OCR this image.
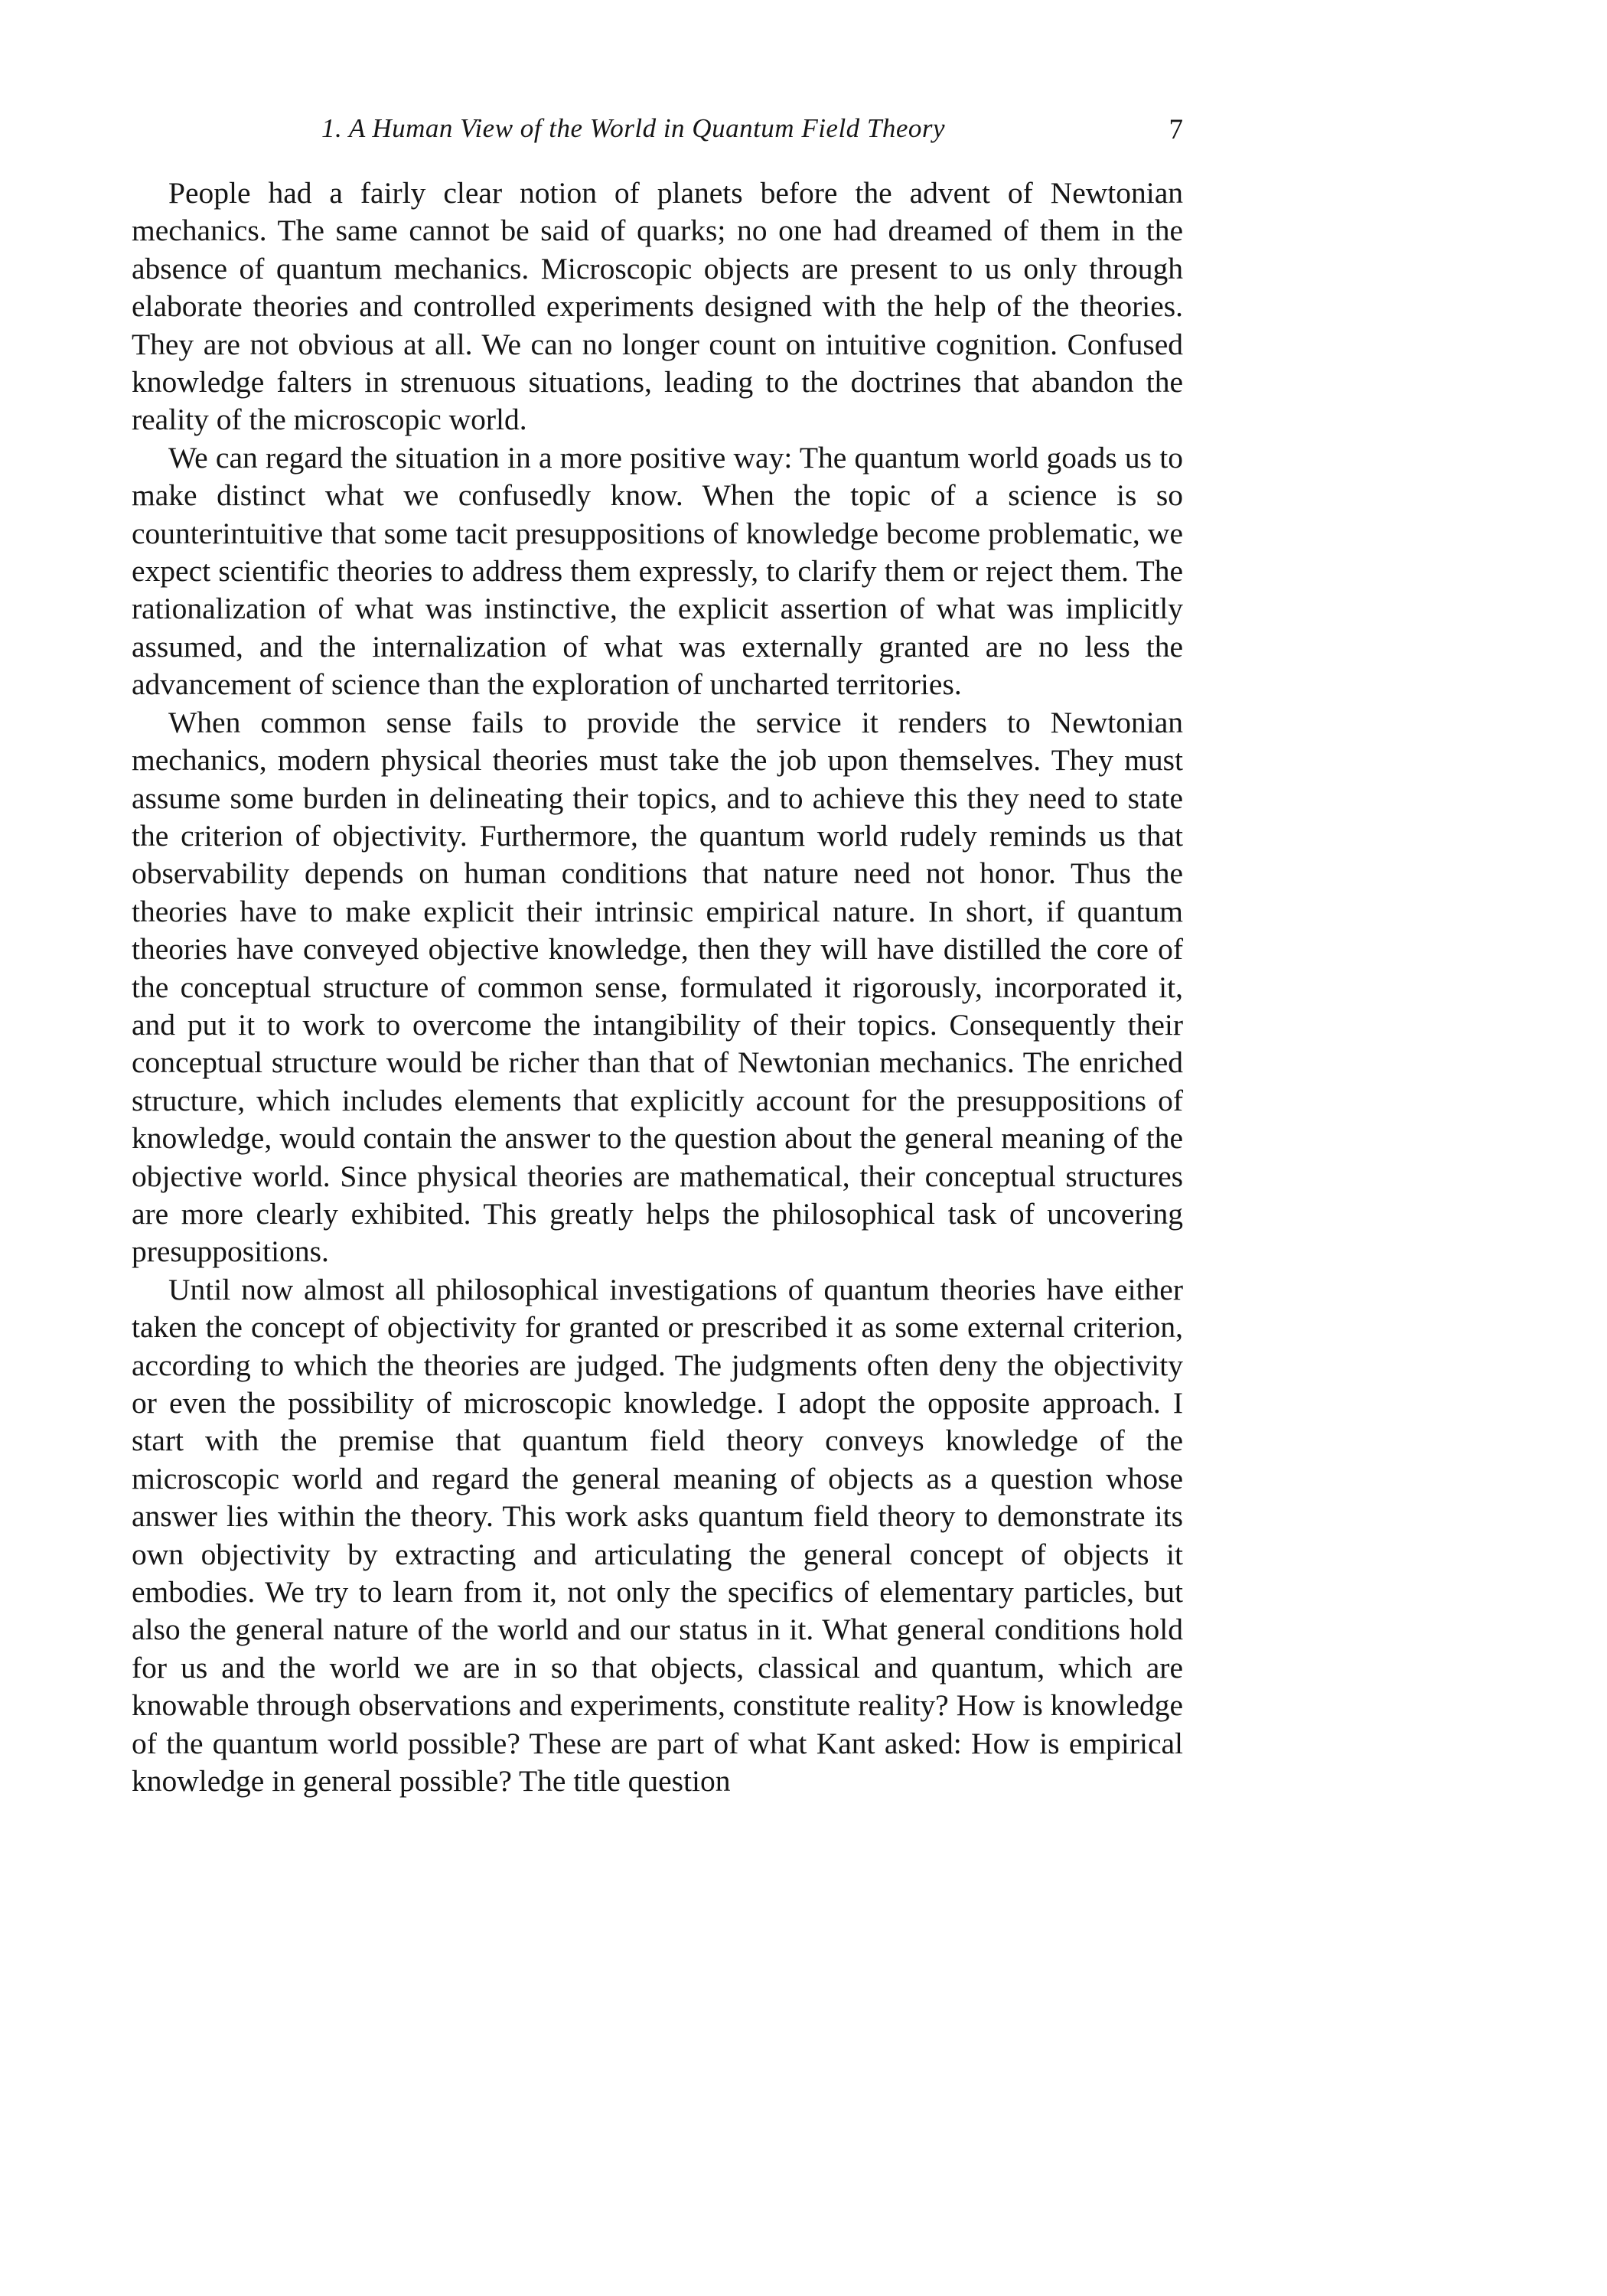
1. A Human View of the World in Quantum Field Theory	7

People had a fairly clear notion of planets before the advent of Newtonian mechanics. The same cannot be said of quarks; no one had dreamed of them in the absence of quantum mechanics. Microscopic objects are present to us only through elaborate theories and controlled experiments designed with the help of the theories. They are not obvious at all. We can no longer count on intuitive cognition. Confused knowledge falters in strenuous situations, leading to the doctrines that abandon the reality of the microscopic world.

We can regard the situation in a more positive way: The quantum world goads us to make distinct what we confusedly know. When the topic of a science is so counterintuitive that some tacit presuppositions of knowledge become problematic, we expect scientific theories to address them expressly, to clarify them or reject them. The rationalization of what was instinctive, the explicit assertion of what was implicitly assumed, and the internalization of what was externally granted are no less the advancement of science than the exploration of uncharted territories.

When common sense fails to provide the service it renders to Newtonian mechanics, modern physical theories must take the job upon themselves. They must assume some burden in delineating their topics, and to achieve this they need to state the criterion of objectivity. Furthermore, the quantum world rudely reminds us that observability depends on human conditions that nature need not honor. Thus the theories have to make explicit their intrinsic empirical nature. In short, if quantum theories have conveyed objective knowledge, then they will have distilled the core of the conceptual structure of common sense, formulated it rigorously, incorporated it, and put it to work to overcome the intangibility of their topics. Consequently their conceptual structure would be richer than that of Newtonian mechanics. The enriched structure, which includes elements that explicitly account for the presuppositions of knowledge, would contain the answer to the question about the general meaning of the objective world. Since physical theories are mathematical, their conceptual structures are more clearly exhibited. This greatly helps the philosophical task of uncovering presuppositions.

Until now almost all philosophical investigations of quantum theories have either taken the concept of objectivity for granted or prescribed it as some external criterion, according to which the theories are judged. The judgments often deny the objectivity or even the possibility of microscopic knowledge. I adopt the opposite approach. I start with the premise that quantum field theory conveys knowledge of the microscopic world and regard the general meaning of objects as a question whose answer lies within the theory. This work asks quantum field theory to demonstrate its own objectivity by extracting and articulating the general concept of objects it embodies. We try to learn from it, not only the specifics of elementary particles, but also the general nature of the world and our status in it. What general conditions hold for us and the world we are in so that objects, classical and quantum, which are knowable through observations and experiments, constitute reality? How is knowledge of the quantum world possible? These are part of what Kant asked: How is empirical knowledge in general possible? The title question
